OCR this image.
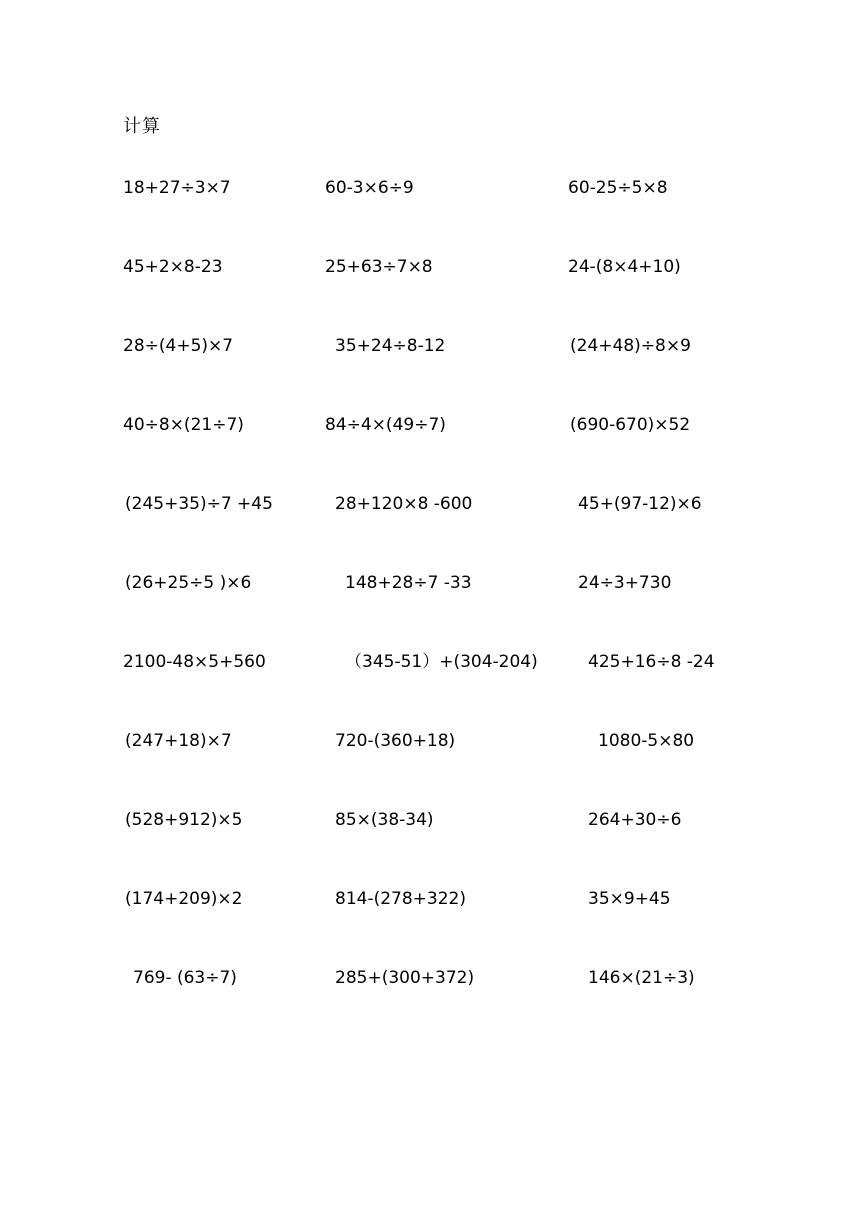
计算
18+27÷3×7	60-3×6÷9	60-25÷5×8
45+2×8-23	25+63÷7×8	24-(8×4+10)
28÷(4+5)×7	35+24÷8-12	(24+48)÷8×9
40÷8×(21÷7)	84÷4×(49÷7)	(690-670)×52
(245+35)÷7 +45	28+120×8 -600	45+(97-12)×6
(26+25÷5 )×6	148+28÷7 -33	24÷3+730
2100-48×5+560	（345-51）+(304-204)	425+16÷8 -24
(247+18)×7	720-(360+18)	1080-5×80
(528+912)×5	85×(38-34)	264+30÷6
(174+209)×2	814-(278+322)	35×9+45
769- (63÷7)	285+(300+372)	146×(21÷3)
